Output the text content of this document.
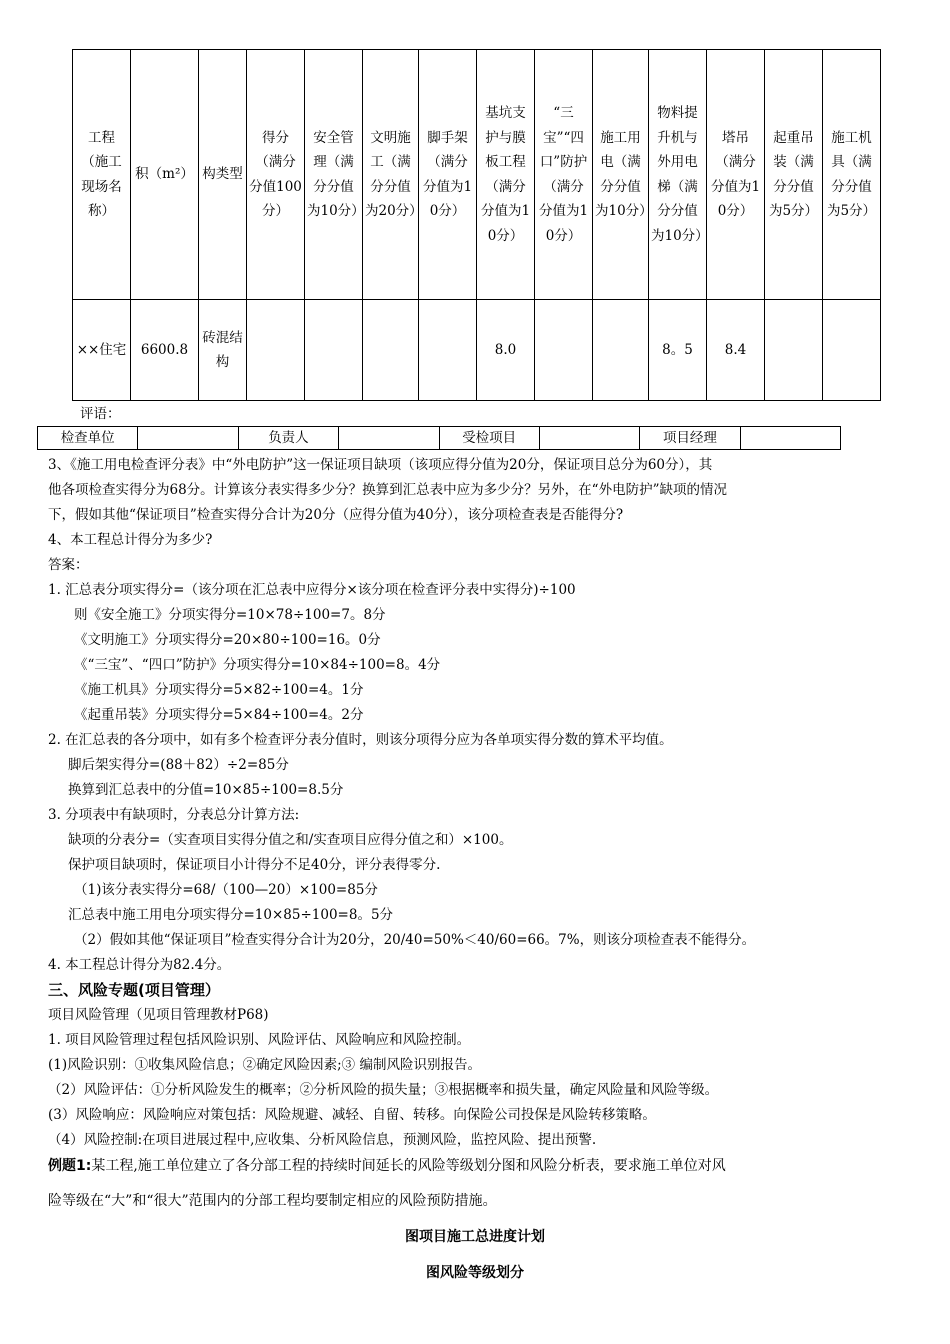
工程（施工现场名称）	积（m²）	构类型	得分（满分分值100分）	安全管理（满分分值为10分）	文明施工（满分分值为20分）	脚手架（满分分值为10分）	基坑支护与膜板工程（满分分值为10分）	“三宝”“四口”防护（满分分值为10分）	施工用电（满分分值为10分）	物料提升机与外用电梯（满分分值为10分）	塔吊（满分分值为10分）	起重吊装（满分分值为5分）	施工机具（满分分值为5分）
××住宅	6600.8	砖混结构					8.0			8。5	8.4		
评语：
检查单位		负责人		受检项目		项目经理	
3、《施工用电检查评分表》中“外电防护”这一保证项目缺项（该项应得分值为20分，保证项目总分为60分），其
他各项检查实得分为68分。计算该分表实得多少分？换算到汇总表中应为多少分？另外，在“外电防护”缺项的情况
下，假如其他“保证项目”检查实得分合计为20分（应得分值为40分），该分项检查表是否能得分?
4、本工程总计得分为多少?
答案：
1. 汇总表分项实得分=（该分项在汇总表中应得分×该分项在检查评分表中实得分)÷100
则《安全施工》分项实得分=10×78÷100=7。8分
《文明施工》分项实得分=20×80÷100=16。0分
《“三宝”、“四口”防护》分项实得分=10×84÷100=8。4分
《施工机具》分项实得分=5×82÷100=4。1分
《起重吊装》分项实得分=5×84÷100=4。2分
2. 在汇总表的各分项中，如有多个检查评分表分值时，则该分项得分应为各单项实得分数的算术平均值。
脚后架实得分=(88＋82）÷2=85分
换算到汇总表中的分值=10×85÷100=8.5分
3. 分项表中有缺项时，分表总分计算方法:
缺项的分表分=（实查项目实得分值之和/实查项目应得分值之和）×100。
保护项目缺项时，保证项目小计得分不足40分，评分表得零分.
（1)该分表实得分=68/（100—20）×100=85分
汇总表中施工用电分项实得分=10×85÷100=8。5分
（2）假如其他“保证项目”检查实得分合计为20分，20/40=50%＜40/60=66。7%，则该分项检查表不能得分。
4. 本工程总计得分为82.4分。
三、风险专题(项目管理）
项目风险管理（见项目管理教材P68)
1. 项目风险管理过程包括风险识别、风险评估、风险响应和风险控制。
(1)风险识别：①收集风险信息；②确定风险因素;③ 编制风险识别报告。
（2）风险评估：①分析风险发生的概率；②分析风险的损失量；③根据概率和损失量，确定风险量和风险等级。
(3）风险响应：风险响应对策包括：风险规避、减轻、自留、转移。向保险公司投保是风险转移策略。
（4）风险控制:在项目进展过程中,应收集、分析风险信息，预测风险，监控风险、提出预警.
例题1:某工程,施工单位建立了各分部工程的持续时间延长的风险等级划分图和风险分析表，要求施工单位对风
险等级在“大”和“很大”范围内的分部工程均要制定相应的风险预防措施。
图项目施工总进度计划
图风险等级划分
